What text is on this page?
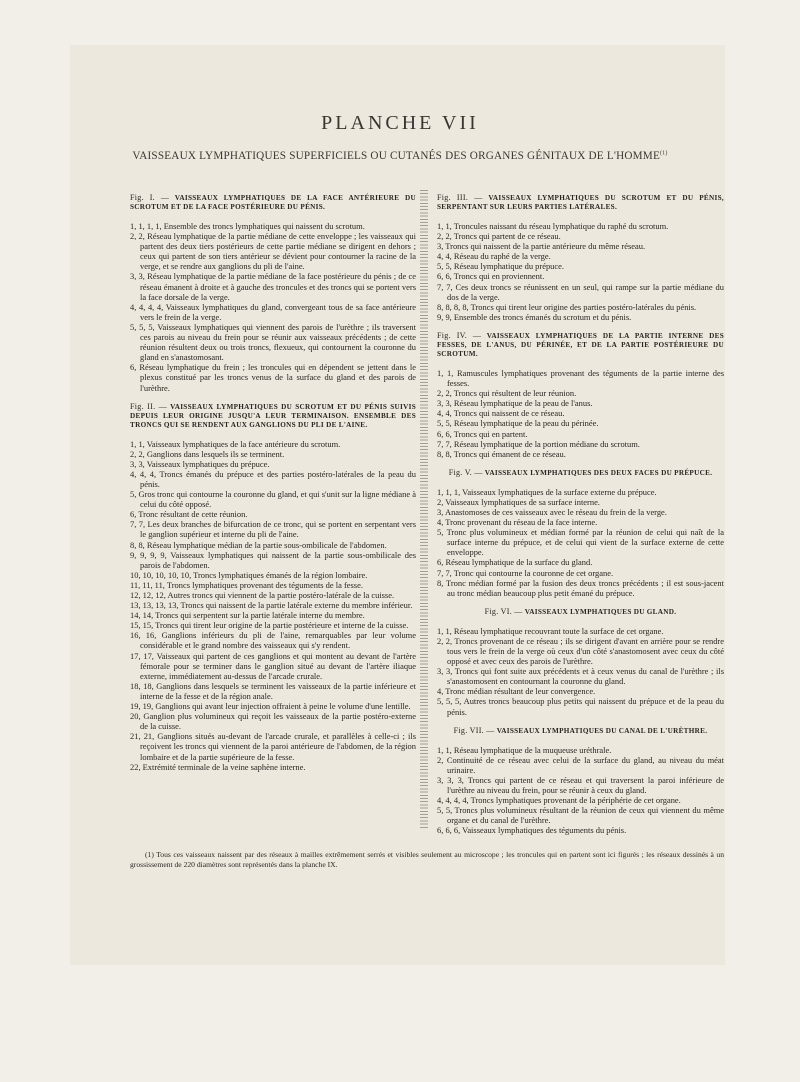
PLANCHE VII
VAISSEAUX LYMPHATIQUES SUPERFICIELS OU CUTANÉS DES ORGANES GÉNITAUX DE L'HOMME$^{(1)}$

Fig. I. — VAISSEAUX LYMPHATIQUES DE LA FACE ANTÉRIEURE DU SCROTUM ET DE LA FACE POSTÉRIEURE DU PÉNIS.

1, 1, 1, 1, Ensemble des troncs lymphatiques qui naissent du scrotum.

2, 2, Réseau lymphatique de la partie médiane de cette enveloppe ; les vaisseaux qui partent des deux tiers postérieurs de cette partie médiane se dirigent en dehors ; ceux qui partent de son tiers antérieur se dévient pour contourner la racine de la verge, et se rendre aux ganglions du pli de l'aine.

3, 3, Réseau lymphatique de la partie médiane de la face postérieure du pénis ; de ce réseau émanent à droite et à gauche des troncules et des troncs qui se portent vers la face dorsale de la verge.

4, 4, 4, 4, Vaisseaux lymphatiques du gland, convergeant tous de sa face antérieure vers le frein de la verge.

5, 5, 5, Vaisseaux lymphatiques qui viennent des parois de l'urèthre ; ils traversent ces parois au niveau du frein pour se réunir aux vaisseaux précédents ; de cette réunion résultent deux ou trois troncs, flexueux, qui contournent la couronne du gland en s'anastomosant.

6, Réseau lymphatique du frein ; les troncules qui en dépendent se jettent dans le plexus constitué par les troncs venus de la surface du gland et des parois de l'urèthre.

Fig. II. — VAISSEAUX LYMPHATIQUES DU SCROTUM ET DU PÉNIS SUIVIS DEPUIS LEUR ORIGINE JUSQU'A LEUR TERMINAISON. ENSEMBLE DES TRONCS QUI SE RENDENT AUX GANGLIONS DU PLI DE L'AINE.

1, 1, Vaisseaux lymphatiques de la face antérieure du scrotum.

2, 2, Ganglions dans lesquels ils se terminent.

3, 3, Vaisseaux lymphatiques du prépuce.

4, 4, 4, Troncs émanés du prépuce et des parties postéro-latérales de la peau du pénis.

5, Gros tronc qui contourne la couronne du gland, et qui s'unit sur la ligne médiane à celui du côté opposé.

6, Tronc résultant de cette réunion.

7, 7, Les deux branches de bifurcation de ce tronc, qui se portent en serpentant vers le ganglion supérieur et interne du pli de l'aine.

8, 8, Réseau lymphatique médian de la partie sous-ombilicale de l'abdomen.

9, 9, 9, 9, Vaisseaux lymphatiques qui naissent de la partie sous-ombilicale des parois de l'abdomen.

10, 10, 10, 10, 10, Troncs lymphatiques émanés de la région lombaire.

11, 11, 11, Troncs lymphatiques provenant des téguments de la fesse.

12, 12, 12, Autres troncs qui viennent de la partie postéro-latérale de la cuisse.

13, 13, 13, 13, Troncs qui naissent de la partie latérale externe du membre inférieur.

14, 14, Troncs qui serpentent sur la partie latérale interne du membre.

15, 15, Troncs qui tirent leur origine de la partie postérieure et interne de la cuisse.

16, 16, Ganglions inférieurs du pli de l'aine, remarquables par leur volume considérable et le grand nombre des vaisseaux qui s'y rendent.

17, 17, Vaisseaux qui partent de ces ganglions et qui montent au devant de l'artère fémorale pour se terminer dans le ganglion situé au devant de l'artère iliaque externe, immédiatement au-dessus de l'arcade crurale.

18, 18, Ganglions dans lesquels se terminent les vaisseaux de la partie inférieure et interne de la fesse et de la région anale.

19, 19, Ganglions qui avant leur injection offraient à peine le volume d'une lentille.

20, Ganglion plus volumineux qui reçoit les vaisseaux de la partie postéro-externe de la cuisse.

21, 21, Ganglions situés au-devant de l'arcade crurale, et parallèles à celle-ci ; ils reçoivent les troncs qui viennent de la paroi antérieure de l'abdomen, de la région lombaire et de la partie supérieure de la fesse.

22, Extrémité terminale de la veine saphène interne.

Fig. III. — VAISSEAUX LYMPHATIQUES DU SCROTUM ET DU PÉNIS, SERPENTANT SUR LEURS PARTIES LATÉRALES.

1, 1, Troncules naissant du réseau lymphatique du raphé du scrotum.

2, 2, Troncs qui partent de ce réseau.

3, Troncs qui naissent de la partie antérieure du même réseau.

4, 4, Réseau du raphé de la verge.

5, 5, Réseau lymphatique du prépuce.

6, 6, Troncs qui en proviennent.

7, 7, Ces deux troncs se réunissent en un seul, qui rampe sur la partie médiane du dos de la verge.

8, 8, 8, 8, Troncs qui tirent leur origine des parties postéro-latérales du pénis.

9, 9, Ensemble des troncs émanés du scrotum et du pénis.

Fig. IV. — VAISSEAUX LYMPHATIQUES DE LA PARTIE INTERNE DES FESSES, DE L'ANUS, DU PÉRINÉE, ET DE LA PARTIE POSTÉRIEURE DU SCROTUM.

1, 1, Ramuscules lymphatiques provenant des téguments de la partie interne des fesses.

2, 2, Troncs qui résultent de leur réunion.

3, 3, Réseau lymphatique de la peau de l'anus.

4, 4, Troncs qui naissent de ce réseau.

5, 5, Réseau lymphatique de la peau du périnée.

6, 6, Troncs qui en partent.

7, 7, Réseau lymphatique de la portion médiane du scrotum.

8, 8, Troncs qui émanent de ce réseau.

Fig. V. — VAISSEAUX LYMPHATIQUES DES DEUX FACES DU PRÉPUCE.

1, 1, 1, Vaisseaux lymphatiques de la surface externe du prépuce.

2, Vaisseaux lymphatiques de sa surface interne.

3, Anastomoses de ces vaisseaux avec le réseau du frein de la verge.

4, Tronc provenant du réseau de la face interne.

5, Tronc plus volumineux et médian formé par la réunion de celui qui naît de la surface interne du prépuce, et de celui qui vient de la surface externe de cette enveloppe.

6, Réseau lymphatique de la surface du gland.

7, 7, Tronc qui contourne la couronne de cet organe.

8, Tronc médian formé par la fusion des deux troncs précédents ; il est sous-jacent au tronc médian beaucoup plus petit émané du prépuce.

Fig. VI. — VAISSEAUX LYMPHATIQUES DU GLAND.

1, 1, Réseau lymphatique recouvrant toute la surface de cet organe.

2, 2, Troncs provenant de ce réseau ; ils se dirigent d'avant en arrière pour se rendre tous vers le frein de la verge où ceux d'un côté s'anastomosent avec ceux du côté opposé et avec ceux des parois de l'urèthre.

3, 3, Troncs qui font suite aux précédents et à ceux venus du canal de l'urèthre ; ils s'anastomosent en contournant la couronne du gland.

4, Tronc médian résultant de leur convergence.

5, 5, 5, Autres troncs beaucoup plus petits qui naissent du prépuce et de la peau du pénis.

Fig. VII. — VAISSEAUX LYMPHATIQUES DU CANAL DE L'URÈTHRE.

1, 1, Réseau lymphatique de la muqueuse uréthrale.

2, Continuité de ce réseau avec celui de la surface du gland, au niveau du méat urinaire.

3, 3, 3, Troncs qui partent de ce réseau et qui traversent la paroi inférieure de l'urèthre au niveau du frein, pour se réunir à ceux du gland.

4, 4, 4, 4, Troncs lymphatiques provenant de la périphérie de cet organe.

5, 5, Troncs plus volumineux résultant de la réunion de ceux qui viennent du même organe et du canal de l'urèthre.

6, 6, 6, Vaisseaux lymphatiques des téguments du pénis.

(1) Tous ces vaisseaux naissent par des réseaux à mailles extrêmement serrés et visibles seulement au microscope ; les troncules qui en partent sont ici figurés ; les réseaux dessinés à un grossissement de 220 diamètres sont représentés dans la planche IX.
